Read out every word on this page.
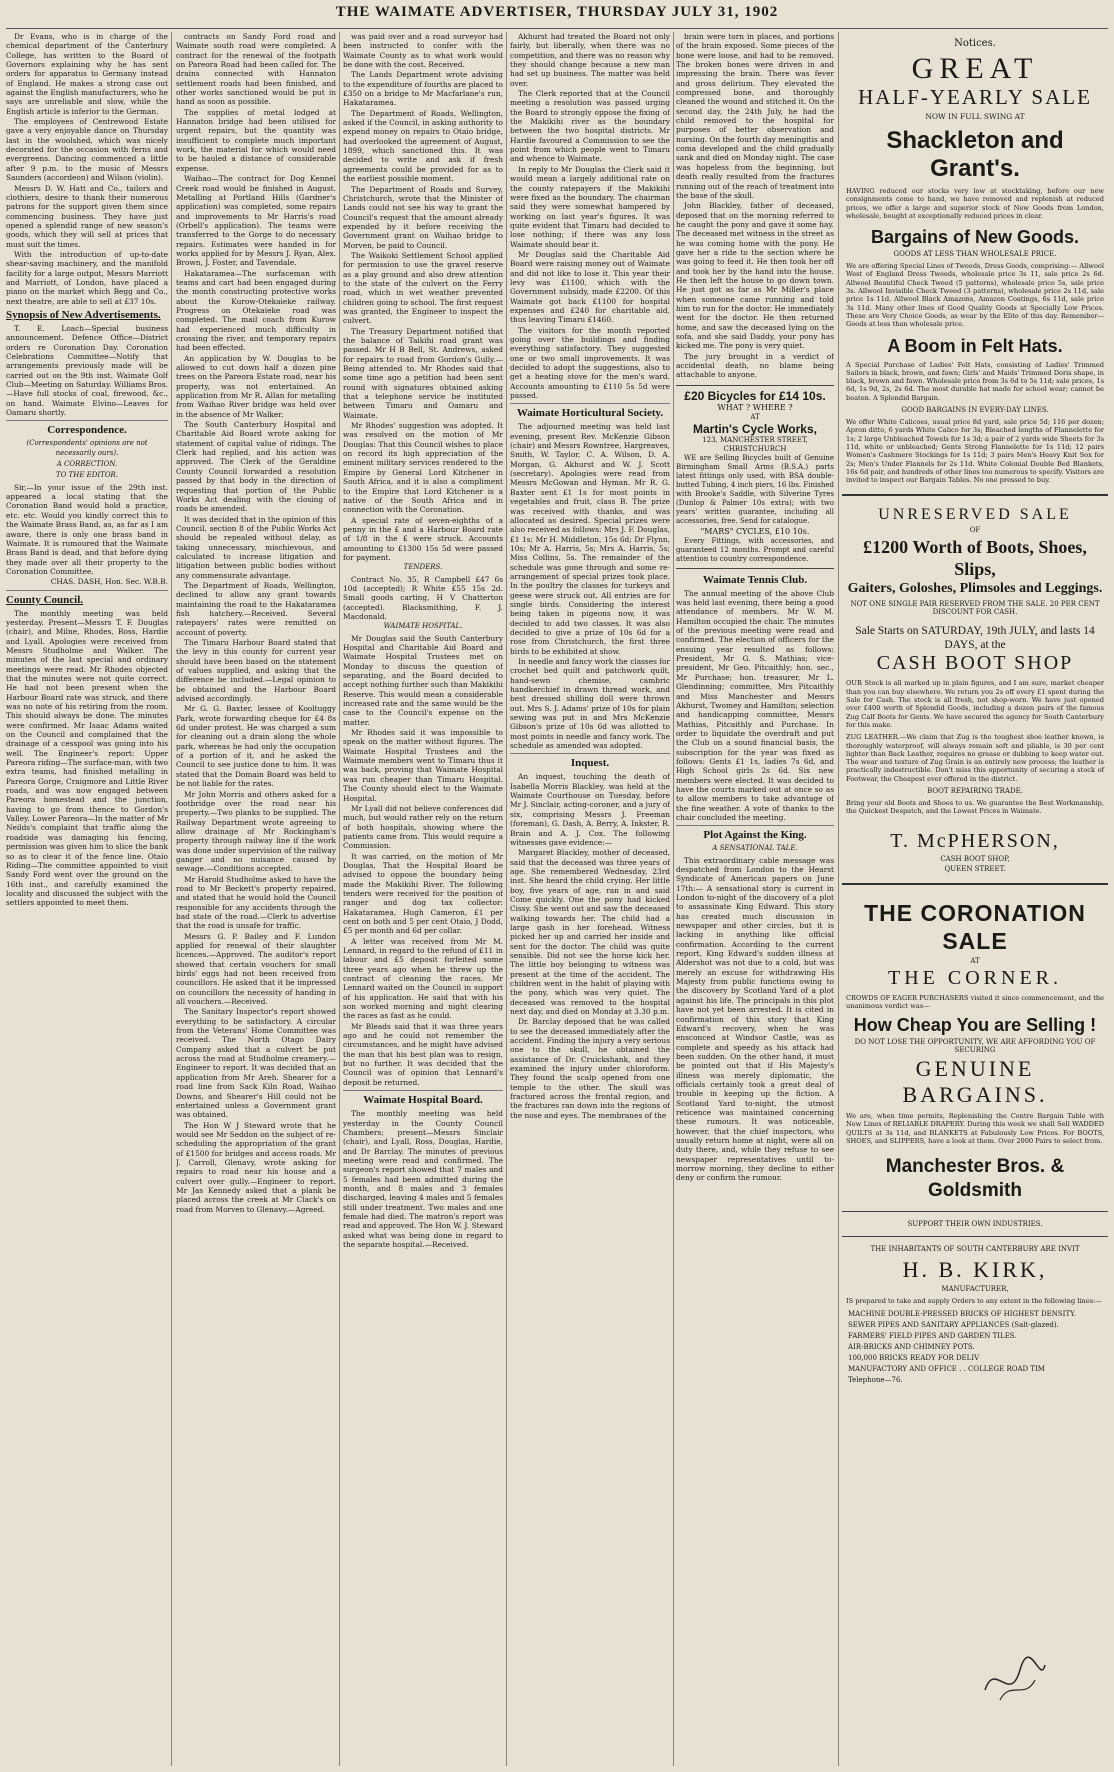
THE WAIMATE ADVERTISER, THURSDAY JULY 31, 1902

Dr Evans, who is in charge of the chemical department of the Canterbury College, has written to the Board of Governors explaining why he has sent orders for apparatus to Germany instead of England. He makes a strong case out against the English manufacturers, who he says are unreliable and slow, while the English article is inferior to the German.

The employees of Centrewood Estate gave a very enjoyable dance on Thursday last in the woolshed, which was nicely decorated for the occasion with ferns and evergreens. Dancing commenced a little after 9 p.m. to the music of Messrs Saunders (accordeon) and Wilson (violin).

Messrs D. W. Hatt and Co., tailors and clothiers, desire to thank their numerous patrons for the support given them since commencing business. They have just opened a splendid range of new season's goods, which they will sell at prices that must suit the times.

With the introduction of up-to-date shear-saving machinery, and the manifold facility for a large output, Messrs Marriott and Marriott, of London, have placed a piano on the market which Begg and Co., next theatre, are able to sell at £37 10s.

Synopsis of New Advertisements.

T. E. Loach—Special business announcement. Defence Office—District orders re Coronation Day. Coronation Celebrations Committee—Notify that arrangements previously made will be carried out on the 9th inst. Waimate Golf Club—Meeting on Saturday. Williams Bros.—Have full stocks of coal, firewood, &c., on hand. Waimate Elvino—Leaves for Oamaru shortly.

Correspondence.
(Correspondents' opinions are not necessarily ours).
A CORRECTION.
TO THE EDITOR.

Sir,—In your issue of the 29th inst. appeared a local stating that the Coronation Band would hold a practice, etc. etc. Would you kindly correct this to the Waimate Brass Band, as, as far as I am aware, there is only one brass band in Waimate. It is rumoured that the Waimate Brass Band is dead, and that before dying they made over all their property to the Coronation Committee.

CHAS. DASH, Hon. Sec. W.B.B.
County Council.

The monthly meeting was held yesterday. Present—Messrs T. F. Douglas (chair), and Milne, Rhodes, Ross, Hardie and Lyall. Apologies were received from Messrs Studholme and Walker. The minutes of the last special and ordinary meetings were read. Mr Rhodes objected that the minutes were not quite correct. He had not been present when the Harbour Board rate was struck, and there was no note of his retiring from the room. This should always be done. The minutes were confirmed. Mr Isaac Adams waited on the Council and complained that the drainage of a cesspool was going into his well. The Engineer's report: Upper Pareora riding—The surface-man, with two extra teams, had finished metalling in Pareora Gorge, Craigmore and Little River roads, and was now engaged between Pareora homestead and the junction, having to go from thence to Gordon's Valley. Lower Pareora—In the matter of Mr Neilds's complaint that traffic along the roadside was damaging his fencing, permission was given him to slice the bank so as to clear it of the fence line. Otaio Riding—The committee appointed to visit Sandy Ford went over the ground on the 16th inst., and carefully examined the locality and discussed the subject with the settlers appointed to meet them.

contracts on Sandy Ford road and Waimate south road were completed. A contract for the renewal of the footpath on Pareora Road had been called for. The drains connected with Hannaton settlement roads had been finished, and other works sanctioned would be put in hand as soon as possible.

The supplies of metal lodged at Hannaton bridge had been utilised for urgent repairs, but the quantity was insufficient to complete much important work, the material for which would need to be hauled a distance of considerable expense.

Waihao—The contract for Dog Kennel Creek road would be finished in August. Metalling at Portland Hills (Gardner's application) was completed, some repairs and improvements to Mr Harris's road (Orbell's application). The teams were transferred to the Gorge to do necessary repairs. Estimates were handed in for works applied for by Messrs J. Ryan, Alex. Brown, J. Foster, and Tavendale.

Hakataramea—The surfaceman with teams and cart had been engaged during the month constructing protective works about the Kurow-Otekaieke railway. Progress on Otekaieke road was completed. The mail coach from Kurow had experienced much difficulty in crossing the river, and temporary repairs had been effected.

An application by W. Douglas to be allowed to cut down half a dozen pine trees on the Pareora Estate road, near his property, was not entertained. An application from Mr R. Allan for metalling from Waihao River bridge was held over in the absence of Mr Walker.

The South Canterbury Hospital and Charitable Aid Board wrote asking for statement of capital value of ridings. The Clerk had replied, and his action was approved. The Clerk of the Geraldine County Council forwarded a resolution passed by that body in the direction of requesting that portion of the Public Works Act dealing with the closing of roads be amended.

It was decided that in the opinion of this Council, section 8 of the Public Works Act should be repealed without delay, as taking unnecessary, mischievous, and calculated to increase litigation and litigation between public bodies without any commensurate advantage.

The Department of Roads, Wellington, declined to allow any grant towards maintaining the road to the Hakataramea fish hatchery.—Received. Several ratepayers' rates were remitted on account of poverty.

The Timaru Harbour Board stated that the levy in this county for current year should have been based on the statement of values supplied, and asking that the difference be included.—Legal opinion to be obtained and the Harbour Board advised accordingly.

Mr G. G. Baxter, lessee of Kooltuggy Park, wrote forwarding cheque for £4 8s 6d under protest. He was charged a sum for cleaning out a drain along the whole park, whereas he had only the occupation of a portion of it, and he asked the Council to see justice done to him. It was stated that the Domain Board was held to be not liable for the rates.

Mr John Morris and others asked for a footbridge over the road near his property.—Two planks to be supplied. The Railway Department wrote agreeing to allow drainage of Mr Rockingham's property through railway line if the work was done under supervision of the railway ganger and no nuisance caused by sewage.—Conditions accepted.

Mr Harold Studholme asked to have the road to Mr Beckett's property repaired, and stated that he would hold the Council responsible for any accidents through the bad state of the road.—Clerk to advertise that the road is unsafe for traffic.

Messrs G. P. Bailey and F. Lundon applied for renewal of their slaughter licences.—Approved. The auditor's report showed that certain vouchers for small birds' eggs had not been received from councillors. He asked that it be impressed on councillors the necessity of handing in all vouchers.—Received.

The Sanitary Inspector's report showed everything to be satisfactory. A circular from the Veterans' Home Committee was received. The North Otago Dairy Company asked that a culvert be put across the road at Studholme creamery.—Engineer to report. It was decided that an application from Mr Areh. Shearer for a road line from Sack Kiln Road, Waihao Downs, and Shearer's Hill could not be entertained unless a Government grant was obtained.

The Hon W J Steward wrote that he would see Mr Seddon on the subject of re-scheduling the appropriation of the grant of £1500 for bridges and access roads. Mr J. Carroll, Glenavy, wrote asking for repairs to road near his house and a culvert over gully.—Engineer to report. Mr Jas Kennedy asked that a plank be placed across the creek at Mr Clack's on road from Morven to Glenavy.—Agreed.

was paid over and a road surveyor had been instructed to confer with the Waimate County as to what work would be done with the cost. Received.

The Lands Department wrote advising to the expenditure of fourths are placed to £350 on a bridge to Mr Macfarlane's run, Hakataramea.

The Department of Roads, Wellington, asked if the Council, in asking authority to expend money on repairs to Otaio bridge, had overlooked the agreement of August, 1899, which sanctioned this. It was decided to write and ask if fresh agreements could be provided for as to the earliest possible moment.

The Department of Roads and Survey, Christchurch, wrote that the Minister of Lands could not see his way to grant the Council's request that the amount already expended by it before receiving the Government grant on Waihao bridge to Morven, be paid to Council.

The Waikoki Settlement School applied for permission to use the gravel reserve as a play ground and also drew attention to the state of the culvert on the Ferry road, which in wet weather prevented children going to school. The first request was granted, the Engineer to inspect the culvert.

The Treasury Department notified that the balance of Taikihi road grant was passed. Mr H B Bell, St. Andrews, asked for repairs to road from Gordon's Gully.—Being attended to. Mr Rhodes said that some time ago a petition had been sent round with signatures obtained asking that a telephone service be instituted between Timaru and Oamaru and Waimate.

Mr Rhodes' suggestion was adopted. It was resolved on the motion of Mr Douglas: That this Council wishes to place on record its high appreciation of the eminent military services rendered to the Empire by General Lord Kitchener in South Africa, and it is also a compliment to the Empire that Lord Kitchener is a native of the South Africa and in connection with the Coronation.

A special rate of seven-eighths of a penny in the £ and a Harbour Board rate of 1/8 in the £ were struck. Accounts amounting to £1300 15s 5d were passed for payment.

TENDERS.

Contract No. 35, R Campbell £47 6s 10d (accepted); R White £55 15s 2d. Small goods carting, H V Chatterton (accepted). Blacksmithing, F. J. Macdonald.

WAIMATE HOSPITAL.

Mr Douglas said the South Canterbury Hospital and Charitable Aid Board and Waimate Hospital Trustees met on Monday to discuss the question of separating, and the Board decided to accept nothing further such than Makikihi Reserve. This would mean a considerable increased rate and the same would be the case to the Council's expense on the matter.

Mr Rhodes said it was impossible to speak on the matter without figures. The Waimate Hospital Trustees and the Waimate members went to Timaru thus it was back, proving that Waimate Hospital was run cheaper than Timaru Hospital. The County should elect to the Waimate Hospital.

Mr Lyall did not believe conferences did much, but would rather rely on the return of both hospitals, showing where the patients came from. This would require a Commission.

It was carried, on the motion of Mr Douglas, That the Hospital Board be advised to oppose the boundary being made the Makikihi River. The following tenders were received for the position of ranger and dog tax collector: Hakataramea, Hugh Cameron, £1 per cent on both and 5 per cent Otaio, J Dodd, £5 per month and 6d per collar.

A letter was received from Mr M. Lennard, in regard to the refund of £11 in labour and £5 deposit forfeited some three years ago when he threw up the contract of cleaning the races. Mr Lennard waited on the Council in support of his application. He said that with his son worked morning and night clearing the races as fast as he could.

Mr Bleads said that it was three years ago and he could not remember the circumstances, and he might have advised the man that his best plan was to resign, but no further. It was decided that the Council was of opinion that Lennard's deposit be returned.

Waimate Hospital Board.

The monthly meeting was held yesterday in the County Council Chambers; present—Messrs Sinclair (chair), and Lyall, Ross, Douglas, Hardie, and Dr Barclay. The minutes of previous meeting were read and confirmed. The surgeon's report showed that 7 males and 5 females had been admitted during the month, and 8 males and 3 females discharged, leaving 4 males and 5 females still under treatment. Two males and one female had died. The matron's report was read and approved. The Hon W. J. Steward asked what was being done in regard to the separate hospital.—Received.

Akhurst had treated the Board not only fairly, but liberally, when there was no competition, and there was no reason why they should change because a new man had set up business. The matter was held over.

The Clerk reported that at the Council meeting a resolution was passed urging the Board to strongly oppose the fixing of the Makikihi river as the boundary between the two hospital districts. Mr Hardie favoured a Commission to see the point from which people went to Timaru and whence to Waimate.

In reply to Mr Douglas the Clerk said it would mean a largely additional rate on the county ratepayers if the Makikihi were fixed as the boundary. The chairman said they were somewhat hampered by working on last year's figures. It was quite evident that Timaru had decided to lose nothing; if there was any loss Waimate should bear it.

Mr Douglas said the Charitable Aid Board were raising money out of Waimate and did not like to lose it. This year their levy was £1100, which with the Government subsidy, made £2200. Of this Waimate got back £1100 for hospital expenses and £240 for charitable aid, thus leaving Timaru £1460.

The visitors for the month reported going over the buildings and finding everything satisfactory. They suggested one or two small improvements. It was decided to adopt the suggestions, also to get a heating stove for the men's ward. Accounts amounting to £110 5s 5d were passed.

Waimate Horticultural Society.

The adjourned meeting was held last evening, present Rev. McKenzie Gibson (chair) and Messrs Rowntree, Hargreaves, Smith, W. Taylor, C. A. Wilson, D. A. Morgan, G. Akhurst and W. J. Scott (secretary). Apologies were read from Messrs McGowan and Hyman. Mr R. G. Baxter sent £1 1s for most points in vegetables and fruit, class B. The prize was received with thanks, and was allocated as desired. Special prizes were also received as follows: Mrs J. F. Douglas, £1 1s; Mr H. Middleton, 15s 6d; Dr Flynn, 10s; Mr A. Harris, 5s; Mrs A. Harris, 5s; Miss Collins, 5s. The remainder of the schedule was gone through and some re-arrangement of special prizes took place. In the poultry the classes for turkeys and geese were struck out. All entries are for single birds. Considering the interest being taken in pigeons now, it was decided to add two classes. It was also decided to give a prize of 10s 6d for a rose from Christchurch, the first three birds to be exhibited at show.

In needle and fancy work the classes for crochet bed quilt and patchwork quilt, hand-sewn chemise, cambric handkerchief in drawn thread work, and best dressed shilling doll were thrown out. Mrs S. J. Adams' prize of 10s for plain sewing was put in and Mrs McKenzie Gibson's prize of 10s 6d was allotted to most points in needle and fancy work. The schedule as amended was adopted.

Inquest.

An inquest, touching the death of Isabella Morris Blackley, was held at the Waimate Courthouse on Tuesday, before Mr J. Sinclair, acting-coroner, and a jury of six, comprising Messrs J. Freeman (foreman), G. Dash, A. Berry, A. Inkster, R. Brain and A. J. Cox. The following witnesses gave evidence:—

Margaret Blackley, mother of deceased, said that the deceased was three years of age. She remembered Wednesday, 23rd inst. She heard the child crying. Her little boy, five years of age, ran in and said Come quickly. One the pony had kicked Cissy. She went out and saw the deceased walking towards her. The child had a large gash in her forehead. Witness picked her up and carried her inside and sent for the doctor. The child was quite sensible. Did not see the horse kick her. The little boy belonging to witness was present at the time of the accident. The children went in the habit of playing with the pony, which was very quiet. The deceased was removed to the hospital next day, and died on Monday at 3.30 p.m.

Dr. Barclay deposed that he was called to see the deceased immediately after the accident. Finding the injury a very serious one to the skull, he obtained the assistance of Dr. Cruickshank, and they examined the injury under chloroform. They found the scalp opened from one temple to the other. The skull was fractured across the frontal region, and the fractures ran down into the regions of the nose and eyes. The membranes of the

brain were torn in places, and portions of the brain exposed. Some pieces of the bone were loose, and had to be removed. The broken bones were driven in and impressing the brain. There was fever and gross delirium. They elevated the compressed bone, and thoroughly cleaned the wound and stitched it. On the second day, the 24th July, he had the child removed to the hospital for purposes of better observation and nursing. On the fourth day meningitis and coma developed and the child gradually sank and died on Monday night. The case was hopeless from the beginning, but death really resulted from the fractures running out of the reach of treatment into the base of the skull.

John Blackley, father of deceased, deposed that on the morning referred to he caught the pony and gave it some hay. The deceased met witness in the street as he was coming home with the pony. He gave her a ride to the section where he was going to feed it. He then took her off and took her by the hand into the house. He then left the house to go down town. He just got as far as Mr Miller's place when someone came running and told him to run for the doctor. He immediately went for the doctor. He then returned home, and saw the deceased lying on the sofa, and she said Daddy, your pony has kicked me. The pony is very quiet.

The jury brought in a verdict of accidental death, no blame being attachable to anyone.

£20 Bicycles for £14 10s.
WHAT ? WHERE ?
AT
Martin's Cycle Works,
123, MANCHESTER STREET, CHRISTCHURCH

WE are Selling Bicycles built of Genuine Birmingham Small Arms (B.S.A.) parts latest fittings only used, with BSA double-butted Tubing, 4 inch piers, 16 lbs. Finished with Brooke's Saddle, with Silverine Tyres (Dunlop & Palmer 10s extra); with two years' written guarantee, including all accessories, free. Send for catalogue.

"MARS" CYCLES, £10 10s.

Every Fittings, with accessories, and guaranteed 12 months. Prompt and careful attention to country correspondence.

Waimate Tennis Club.

The annual meeting of the above Club was held last evening, there being a good attendance of members. Mr W. M. Hamilton occupied the chair. The minutes of the previous meeting were read and confirmed. The election of officers for the ensuing year resulted as follows: President, Mr G. S. Mathias; vice-president, Mr Geo. Pitcaithly; hon. sec., Mr Purchase; hon. treasurer, Mr L. Glendinning; committee, Mrs Pitcaithly and Miss Manchester and Messrs Akhurst, Twomey and Hamilton; selection and handicapping committee, Messrs Mathias, Pitcaithly and Purchase. In order to liquidate the overdraft and put the Club on a sound financial basis, the subscription for the year was fixed as follows: Gents £1 1s, ladies 7s 6d, and High School girls 2s 6d. Six new members were elected. It was decided to have the courts marked out at once so as to allow members to take advantage of the fine weather. A vote of thanks to the chair concluded the meeting.

Plot Against the King.
A SENSATIONAL TALE.

This extraordinary cable message was despatched from London to the Hearst Syndicate of American papers on June 17th:— A sensational story is current in London to-night of the discovery of a plot to assassinate King Edward. This story has created much discussion in newspaper and other circles, but it is lacking in anything like official confirmation. According to the current report, King Edward's sudden illness at Aldershot was not due to a cold, but was merely an excuse for withdrawing His Majesty from public functions owing to the discovery by Scotland Yard of a plot against his life. The principals in this plot have not yet been arrested. It is cited in confirmation of this story that King Edward's recovery, when he was ensconced at Windsor Castle, was as complete and speedy as his attack had been sudden. On the other hand, it must be pointed out that if His Majesty's illness was merely diplomatic, the officials certainly took a great deal of trouble in keeping up the fiction. A Scotland Yard to-night, the utmost reticence was maintained concerning these rumours. It was noticeable, however, that the chief inspectors, who usually return home at night, were all on duty there, and, while they refuse to see newspaper representatives until to-morrow morning, they decline to either deny or confirm the rumour.

Notices.
GREAT
HALF-YEARLY SALE
NOW IN FULL SWING AT
Shackleton and Grant's.
HAVING reduced our stocks very low at stocktaking, before our new consignments come to hand, we have removed and replenish at reduced prices, we offer a large and superior stock of New Goods from London, wholesale, bought at exceptionally reduced prices in clear.
Bargains of New Goods.
GOODS AT LESS THAN WHOLESALE PRICE.
We are offering Special Lines of Tweeds, Dress Goods, comprising:— Allwool West of England Dress Tweeds, wholesale price 3s 11, sale price 2s 6d. Allwool Beautiful Check Tweed (5 patterns), wholesale price 5s, sale price 3s. Allwool Invisible Check Tweed (3 patterns), wholesale price 2s 11d, sale price 1s 11d. Allwool Black Amazons, Amazon Coatings, 6s 11d, sale price 3s 11d. Many other lines of Good Quality Goods at Specially Low Prices. These are Very Choice Goods, as wear by the Elite of this day. Remember—Goods at less than wholesale price.
A Boom in Felt Hats.
A Special Purchase of Ladies' Felt Hats, consisting of Ladies' Trimmed Sailors in black, brown, and fawn; Girls' and Maids' Trimmed Doris shape, in black, brown and fawn. Wholesale price from 3s 6d to 5s 11d; sale prices, 1s 6d, 1s 9d, 2s, 2s 6d. The most durable hat made for school wear; cannot be beaten. A Splendid Bargain.
GOOD BARGAINS IN EVERY-DAY LINES.
We offer White Calicoes, usual price 8d yard, sale price 5d; 116 per dozen; Apron ditto, 6 yards White Calico for 3s; Bleached lengths of Flannelette for 1s; 2 large Unbleached Towels for 1s 3d; a pair of 2 yards wide Sheets for 3s 11d, white or unbleached; Gents Strong Flannelette for 1s 11d; 12 pairs Women's Cashmere Stockings for 1s 11d; 3 pairs Men's Heavy Knit Sox for 2s; Men's Under Flannels for 2s 11d. White Colonial Double Bed Blankets, 16s 6d pair, and hundreds of other lines too numerous to specify. Visitors are invited to inspect our Bargain Tables. No one pressed to buy.
UNRESERVED SALE
OF
£1200 Worth of Boots, Shoes, Slips,
Gaiters, Goloshes, Plimsoles and Leggings.
NOT ONE SINGLE PAIR RESERVED FROM THE SALE. 20 PER CENT DISCOUNT FOR CASH.
Sale Starts on SATURDAY, 19th JULY, and lasts 14 DAYS, at the
CASH BOOT SHOP
OUR Stock is all marked up in plain figures, and I am sure, market cheaper than you can buy elsewhere. We return you 2s off every £1 spent during the Sale for Cash. The stock is all fresh, not shop-worn. We have just opened over £400 worth of Splendid Goods, including a dozen pairs of the famous Zug Calf Boots for Gents. We have secured the agency for South Canterbury for this make.
ZUG LEATHER.—We claim that Zug is the toughest shoe leather known, is thoroughly waterproof, will always remain soft and pliable, is 30 per cent lighter than Back Leather, requires no grease or dubbing to keep water out. The wear and texture of Zug Grain is an entirely new process; the leather is practically indestructible. Don't miss this opportunity of securing a stock of Footwear, the Cheapest ever offered in the district.
BOOT REPAIRING TRADE.
Bring your old Boots and Shoes to us. We guarantee the Best Workmanship, the Quickest Despatch, and the Lowest Prices in Waimate.
T. McPHERSON,
CASH BOOT SHOP,
QUEEN STREET.
THE CORONATION SALE
AT
THE CORNER.
CROWDS OF EAGER PURCHASERS visited it since commencement, and the unanimous verdict was—
How Cheap You are Selling !
DO NOT LOSE THE OPPORTUNITY, WE ARE AFFORDING YOU OF SECURING
GENUINE BARGAINS.
We are, when time permits, Replenishing the Centre Bargain Table with New Lines of RELIABLE DRAPERY. During this week we shall Sell WADDED QUILTS at 3s 11d, and BLANKETS at Fabulously Low Prices. For BOOTS, SHOES, and SLIPPERS, have a look at them. Over 2000 Pairs to select from.
Manchester Bros. & Goldsmith
SUPPORT THEIR OWN INDUSTRIES.
THE INHABITANTS OF SOUTH CANTERBURY ARE INVIT
H. B. KIRK,
MANUFACTURER,
IS prepared to take and supply Orders to any extent in the following lines:—
MACHINE DOUBLE-PRESSED BRICKS OF HIGHEST DENSITY.
SEWER PIPES AND SANITARY APPLIANCES (Salt-glazed).
FARMERS' FIELD PIPES AND GARDEN TILES.
AIR-BRICKS AND CHIMNEY POTS.
100,000 BRICKS READY FOR DELIV
MANUFACTORY AND OFFICE . . COLLEGE ROAD TIM
Telephone—76.
